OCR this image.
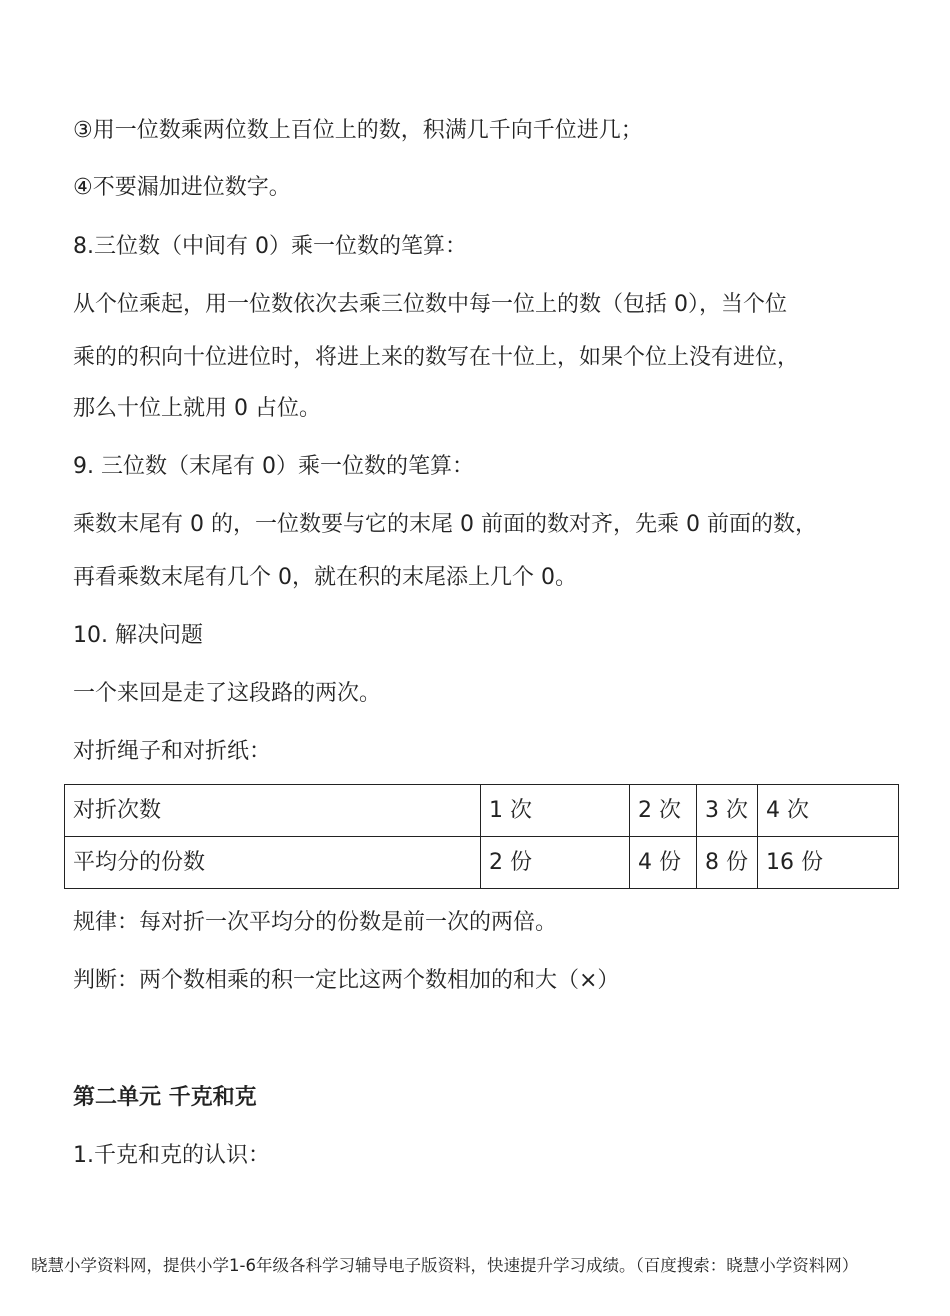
③用一位数乘两位数上百位上的数，积满几千向千位进几；
④不要漏加进位数字。
8.三位数（中间有 0）乘一位数的笔算：
从个位乘起，用一位数依次去乘三位数中每一位上的数（包括 0），当个位
乘的的积向十位进位时，将进上来的数写在十位上，如果个位上没有进位，
那么十位上就用 0 占位。
9. 三位数（末尾有 0）乘一位数的笔算：
乘数末尾有 0 的，一位数要与它的末尾 0 前面的数对齐，先乘 0 前面的数，
再看乘数末尾有几个 0，就在积的末尾添上几个 0。
10. 解决问题
一个来回是走了这段路的两次。
对折绳子和对折纸：
对折次数	1 次	2 次	3 次	4 次
平均分的份数	2 份	4 份	8 份	16 份
规律：每对折一次平均分的份数是前一次的两倍。
判断：两个数相乘的积一定比这两个数相加的和大（×）
第二单元 千克和克
1.千克和克的认识：
晓慧小学资料网，提供小学1-6年级各科学习辅导电子版资料，快速提升学习成绩。（百度搜索：晓慧小学资料网）
